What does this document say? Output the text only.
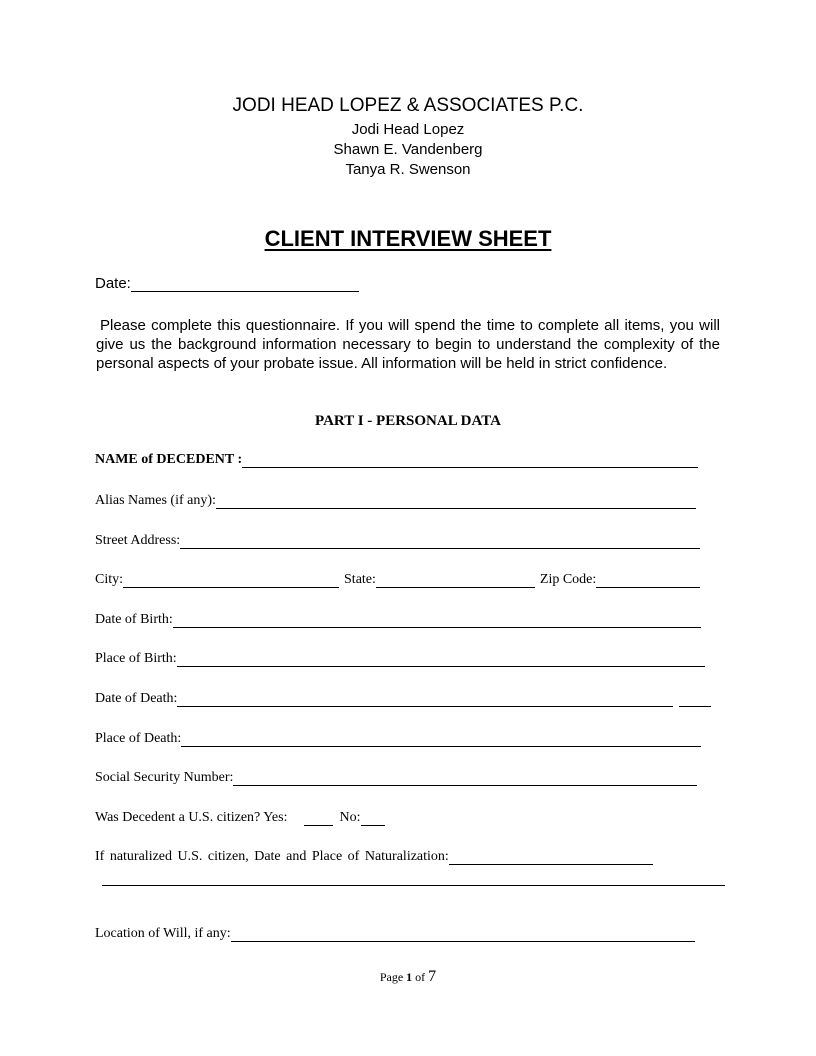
JODI HEAD LOPEZ & ASSOCIATES P.C.
Jodi Head Lopez
Shawn E. Vandenberg
Tanya R. Swenson
CLIENT INTERVIEW SHEET
Date:
Please complete this questionnaire. If you will spend the time to complete all items, you will give us the background information necessary to begin to understand the complexity of the personal aspects of your probate issue. All information will be held in strict confidence.
PART I - PERSONAL DATA
NAME of DECEDENT :
Alias Names (if any):
Street Address:
City:	State:	Zip Code:
Date of Birth:
Place of Birth:
Date of Death:
Place of Death:
Social Security Number:
Was Decedent a U.S. citizen? Yes:	No:
If naturalized U.S. citizen, Date and Place of Naturalization:
Location of Will, if any:
Page 1 of 7
